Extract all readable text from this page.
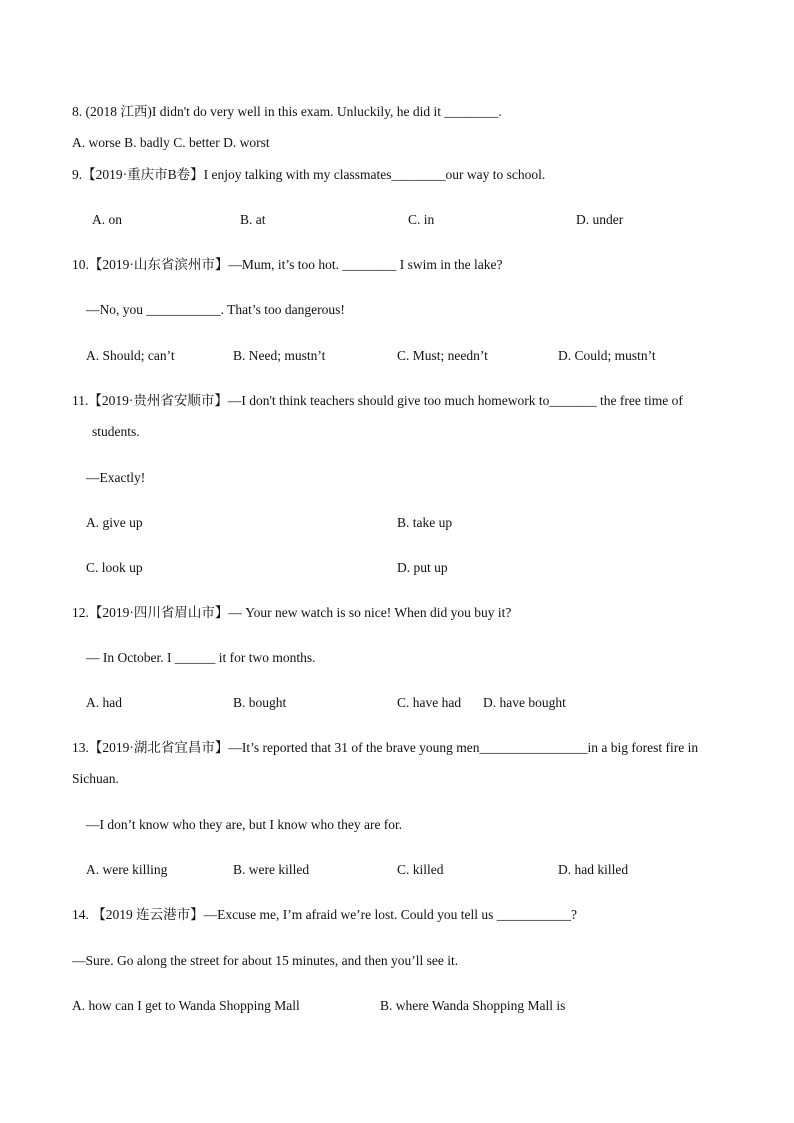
8. (2018 江西)I didn't do very well in this exam. Unluckily, he did it ________.
A. worse B. badly C. better D. worst
9.【2019·重庆市B卷】I enjoy talking with my classmates________our way to school.
A. on	B. at	C. in	D. under
10.【2019·山东省滨州市】—Mum, it’s too hot. ________ I swim in the lake?
—No, you ___________. That’s too dangerous!
A. Should; can’t	B. Need; mustn’t	C. Must; needn’t	D. Could; mustn’t
11.【2019·贵州省安顺市】—I don't think teachers should give too much homework to_______ the free time of
students.
—Exactly!
A. give up	B. take up
C. look up	D. put up
12.【2019·四川省眉山市】— Your new watch is so nice! When did you buy it?
— In October. I ______ it for two months.
A. had	B. bought	C. have had D. have bought
13.【2019·湖北省宜昌市】—It’s reported that 31 of the brave young men________________in a big forest fire in
Sichuan.
—I don’t know who they are, but I know who they are for.
A. were killing	B. were killed	C. killed	D. had killed
14. 【2019 连云港市】—Excuse me, I’m afraid we’re lost. Could you tell us ___________?
—Sure. Go along the street for about 15 minutes, and then you’ll see it.
A. how can I get to Wanda Shopping Mall	B. where Wanda Shopping Mall is
